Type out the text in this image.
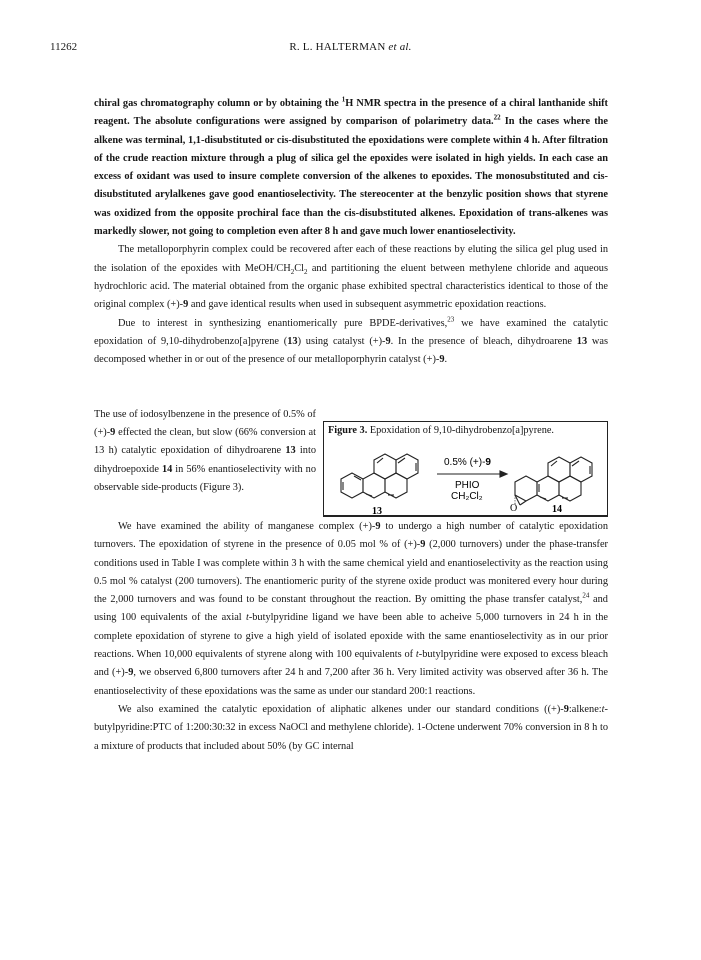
11262	R. L. HALTERMAN et al.

chiral gas chromatography column or by obtaining the $^1$H NMR spectra in the presence of a chiral lanthanide shift reagent. The absolute configurations were assigned by comparison of polarimetry data.$^{22}$ In the cases where the alkene was terminal, 1,1-disubstituted or cis-disubstituted the epoxidations were complete within 4 h. After filtration of the crude reaction mixture through a plug of silica gel the epoxides were isolated in high yields. In each case an excess of oxidant was used to insure complete conversion of the alkenes to epoxides. The monosubstituted and cis-disubstituted arylalkenes gave good enantioselectivity. The stereocenter at the benzylic position shows that styrene was oxidized from the opposite prochiral face than the cis-disubstituted alkenes. Epoxidation of trans-alkenes was markedly slower, not going to completion even after 8 h and gave much lower enantioselectivity.

The metalloporphyrin complex could be recovered after each of these reactions by eluting the silica gel plug used in the isolation of the epoxides with MeOH/$CH_2Cl_2$ and partitioning the eluent between methylene chloride and aqueous hydrochloric acid. The material obtained from the organic phase exhibited spectral characteristics identical to those of the original complex (+)-9 and gave identical results when used in subsequent asymmetric epoxidation reactions.

Due to interest in synthesizing enantiomerically pure BPDE-derivatives,$^{23}$ we have examined the catalytic epoxidation of 9,10-dihydrobenzo[a]pyrene (13) using catalyst (+)-9. In the presence of bleach, dihydroarene 13 was decomposed whether in or out of the presence of our metalloporphyrin catalyst (+)-9.

The use of iodosylbenzene in the presence of 0.5% of (+)-9 effected the clean, but slow (66% conversion at 13 h) catalytic epoxidation of dihydroarene 13 into dihydroepoxide 14 in 56% enantioselectivity with no observable side-products (Figure 3).

Figure 3. Epoxidation of 9,10-dihydrobenzo[a]pyrene.
13	14
O
0.5% (+)-9
PHIO
CH₂Cl₂

We have examined the ability of manganese complex (+)-9 to undergo a high number of catalytic epoxidation turnovers. The epoxidation of styrene in the presence of 0.05 mol % of (+)-9 (2,000 turnovers) under the phase-transfer conditions used in Table I was complete within 3 h with the same chemical yield and enantioselectivity as the reaction using 0.5 mol % catalyst (200 turnovers). The enantiomeric purity of the styrene oxide product was monitered every hour during the 2,000 turnovers and was found to be constant throughout the reaction. By omitting the phase transfer catalyst,$^{24}$ and using 100 equivalents of the axial t-butylpyridine ligand we have been able to acheive 5,000 turnovers in 24 h in the complete epoxidation of styrene to give a high yield of isolated epoxide with the same enantioselectivity as in our prior reactions. When 10,000 equivalents of styrene along with 100 equivalents of t-butylpyridine were exposed to excess bleach and (+)-9, we observed 6,800 turnovers after 24 h and 7,200 after 36 h. Very limited activity was observed after 36 h. The enantioselectivity of these epoxidations was the same as under our standard 200:1 reactions.

We also examined the catalytic epoxidation of aliphatic alkenes under our standard conditions ((+)-9:alkene:t-butylpyridine:PTC of 1:200:30:32 in excess NaOCl and methylene chloride). 1-Octene underwent 70% conversion in 8 h to a mixture of products that included about 50% (by GC internal
